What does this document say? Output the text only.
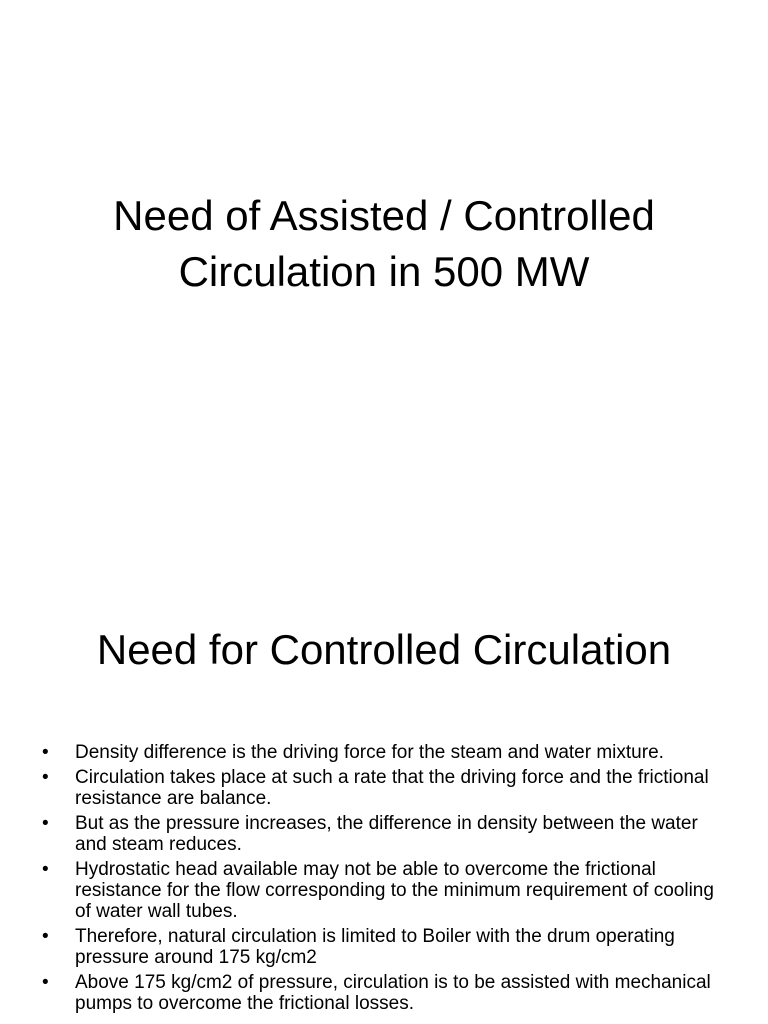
Need of Assisted / Controlled
Circulation in 500 MW
Need for Controlled Circulation
• Density difference is the driving force for the steam and water mixture.
• Circulation takes place at such a rate that the driving force and the frictional resistance are balance.
• But as the pressure increases, the difference in density between the water and steam reduces.
• Hydrostatic head available may not be able to overcome the frictional resistance for the flow corresponding to the minimum requirement of cooling of water wall tubes.
• Therefore, natural circulation is limited to Boiler with the drum operating pressure around 175 kg/cm2
• Above 175 kg/cm2 of pressure, circulation is to be assisted with mechanical pumps to overcome the frictional losses.
